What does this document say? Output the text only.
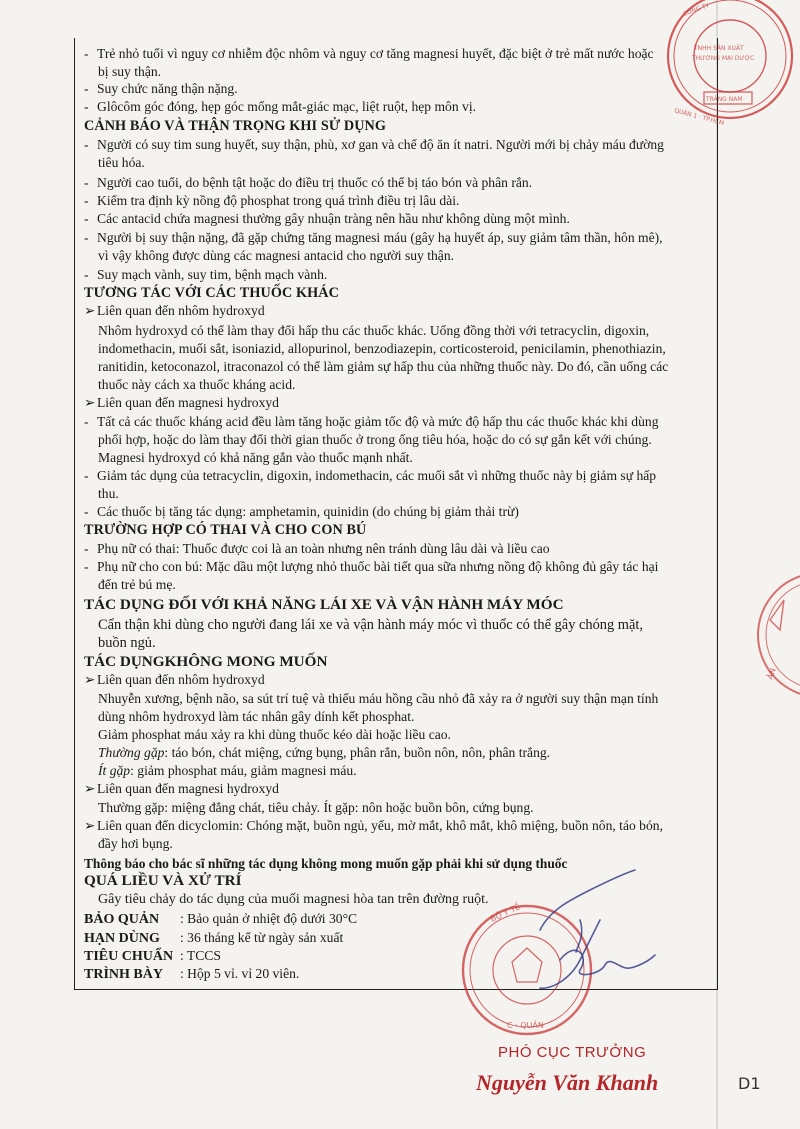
- Trẻ nhỏ tuổi vì nguy cơ nhiễm độc nhôm và nguy cơ tăng magnesi huyết, đặc biệt ở trẻ mất nước hoặc
bị suy thận.
- Suy chức năng thận nặng.
- Glôcôm góc đóng, hẹp góc mống mắt-giác mạc, liệt ruột, hẹp môn vị.
CẢNH BÁO VÀ THẬN TRỌNG KHI SỬ DỤNG
- Người có suy tim sung huyết, suy thận, phù, xơ gan và chế độ ăn ít natri. Người mới bị chảy máu đường
tiêu hóa.
- Người cao tuổi, do bệnh tật hoặc do điều trị thuốc có thể bị táo bón và phân rắn.
- Kiểm tra định kỳ nồng độ phosphat trong quá trình điều trị lâu dài.
- Các antacid chứa magnesi thường gây nhuận tràng nên hầu như không dùng một mình.
- Người bị suy thận nặng, đã gặp chứng tăng magnesi máu (gây hạ huyết áp, suy giảm tâm thần, hôn mê),
vì vậy không được dùng các magnesi antacid cho người suy thận.
- Suy mạch vành, suy tim, bệnh mạch vành.
TƯƠNG TÁC VỚI CÁC THUỐC KHÁC
➢ Liên quan đến nhôm hydroxyd
Nhôm hydroxyd có thể làm thay đổi hấp thu các thuốc khác. Uống đồng thời với tetracyclin, digoxin,
indomethacin, muối sắt, isoniazid, allopurinol, benzodiazepin, corticosteroid, penicilamin, phenothiazin,
ranitidin, ketoconazol, itraconazol có thể làm giảm sự hấp thu của những thuốc này. Do đó, cần uống các
thuốc này cách xa thuốc kháng acid.
➢ Liên quan đến magnesi hydroxyd
- Tất cả các thuốc kháng acid đều làm tăng hoặc giảm tốc độ và mức độ hấp thu các thuốc khác khi dùng
phối hợp, hoặc do làm thay đổi thời gian thuốc ở trong ống tiêu hóa, hoặc do có sự gắn kết với chúng.
Magnesi hydroxyd có khả năng gắn vào thuốc mạnh nhất.
- Giảm tác dụng của tetracyclin, digoxin, indomethacin, các muối sắt vì những thuốc này bị giảm sự hấp
thu.
- Các thuốc bị tăng tác dụng: amphetamin, quinidin (do chúng bị giảm thải trừ)
TRƯỜNG HỢP CÓ THAI VÀ CHO CON BÚ
- Phụ nữ có thai: Thuốc được coi là an toàn nhưng nên tránh dùng lâu dài và liều cao
- Phụ nữ cho con bú: Mặc dầu một lượng nhỏ thuốc bài tiết qua sữa nhưng nồng độ không đủ gây tác hại
đến trẻ bú mẹ.
TÁC DỤNG ĐỐI VỚI KHẢ NĂNG LÁI XE VÀ VẬN HÀNH MÁY MÓC
Cẩn thận khi dùng cho người đang lái xe và vận hành máy móc vì thuốc có thể gây chóng mặt,
buồn ngủ.
TÁC DỤNGKHÔNG MONG MUỐN
➢ Liên quan đến nhôm hydroxyd
Nhuyễn xương, bệnh não, sa sút trí tuệ và thiếu máu hồng cầu nhỏ đã xảy ra ở người suy thận mạn tính
dùng nhôm hydroxyd làm tác nhân gây dính kết phosphat.
Giảm phosphat máu xảy ra khi dùng thuốc kéo dài hoặc liều cao.
Thường gặp: táo bón, chát miệng, cứng bụng, phân rắn, buồn nôn, nôn, phân trắng.
Ít gặp: giảm phosphat máu, giảm magnesi máu.
➢ Liên quan đến magnesi hydroxyd
Thường gặp: miệng đắng chát, tiêu chảy. Ít gặp: nôn hoặc buồn bôn, cứng bụng.
➢ Liên quan đến dicyclomin: Chóng mặt, buồn ngủ, yếu, mờ mắt, khô mắt, khô miệng, buồn nôn, táo bón,
đầy hơi bụng.
Thông báo cho bác sĩ những tác dụng không mong muốn gặp phải khi sử dụng thuốc
QUÁ LIỀU VÀ XỬ TRÍ
Gây tiêu chảy do tác dụng của muối magnesi hòa tan trên đường ruột.
BẢO QUẢN : Bảo quản ở nhiệt độ dưới 30°C
HẠN DÙNG : 36 tháng kể từ ngày sản xuất
TIÊU CHUẨN : TCCS
TRÌNH BÀY : Hộp 5 vỉ. vỉ 20 viên.
TNHH SẢN XUẤT
THƯƠNG MẠI DƯỢC
TRÀNG NAM
CÔNG TY
QUẬN 1 · TP.HCM
ÂN
BỘ Y TẾ
C · QUẢN
PHÓ CỤC TRƯỞNG
Nguyễn Văn Khanh	D1
